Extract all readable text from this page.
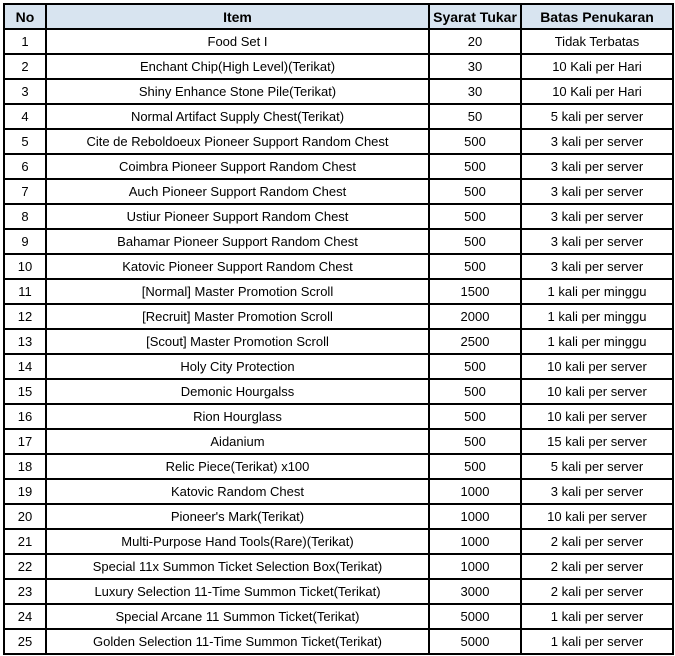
No	Item	Syarat Tukar	Batas Penukaran
1	Food Set I	20	Tidak Terbatas
2	Enchant Chip(High Level)(Terikat)	30	10 Kali per Hari
3	Shiny Enhance Stone Pile(Terikat)	30	10 Kali per Hari
4	Normal Artifact Supply Chest(Terikat)	50	5 kali per server
5	Cite de Reboldoeux Pioneer Support Random Chest	500	3 kali per server
6	Coimbra Pioneer Support Random Chest	500	3 kali per server
7	Auch Pioneer Support Random Chest	500	3 kali per server
8	Ustiur Pioneer Support Random Chest	500	3 kali per server
9	Bahamar Pioneer Support Random Chest	500	3 kali per server
10	Katovic Pioneer Support Random Chest	500	3 kali per server
11	[Normal] Master Promotion Scroll	1500	1 kali per minggu
12	[Recruit] Master Promotion Scroll	2000	1 kali per minggu
13	[Scout] Master Promotion Scroll	2500	1 kali per minggu
14	Holy City Protection	500	10 kali per server
15	Demonic Hourgalss	500	10 kali per server
16	Rion Hourglass	500	10 kali per server
17	Aidanium	500	15 kali per server
18	Relic Piece(Terikat) x100	500	5 kali per server
19	Katovic Random Chest	1000	3 kali per server
20	Pioneer's Mark(Terikat)	1000	10 kali per server
21	Multi-Purpose Hand Tools(Rare)(Terikat)	1000	2 kali per server
22	Special 11x Summon Ticket Selection Box(Terikat)	1000	2 kali per server
23	Luxury Selection 11-Time Summon Ticket(Terikat)	3000	2 kali per server
24	Special Arcane 11 Summon Ticket(Terikat)	5000	1 kali per server
25	Golden Selection 11-Time Summon Ticket(Terikat)	5000	1 kali per server
